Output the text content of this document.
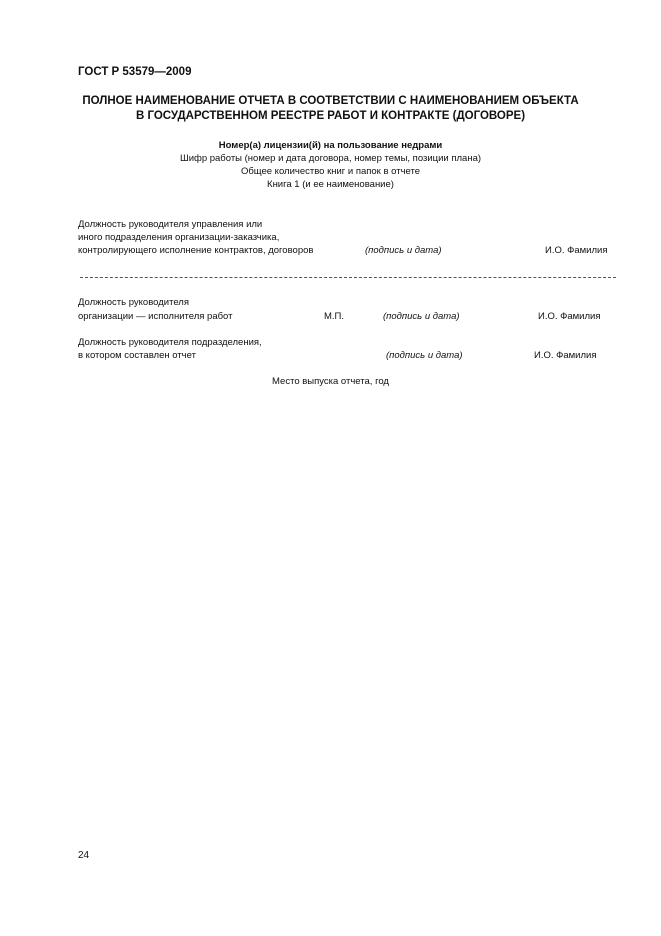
ГОСТ Р 53579—2009
ПОЛНОЕ НАИМЕНОВАНИЕ ОТЧЕТА В СООТВЕТСТВИИ С НАИМЕНОВАНИЕМ ОБЪЕКТА
В ГОСУДАРСТВЕННОМ РЕЕСТРЕ РАБОТ И КОНТРАКТЕ (ДОГОВОРЕ)
Номер(а) лицензии(й) на пользование недрами
Шифр работы (номер и дата договора, номер темы, позиции плана)
Общее количество книг и папок в отчете
Книга 1 (и ее наименование)
Должность руководителя управления или
иного подразделения организации-заказчика,
контролирующего исполнение контрактов, договоров	(подпись и дата)	И.О. Фамилия
Должность руководителя
организации — исполнителя работ	М.П.	(подпись и дата)	И.О. Фамилия
Должность руководителя подразделения,
в котором составлен отчет	(подпись и дата)	И.О. Фамилия
Место выпуска отчета, год
24
